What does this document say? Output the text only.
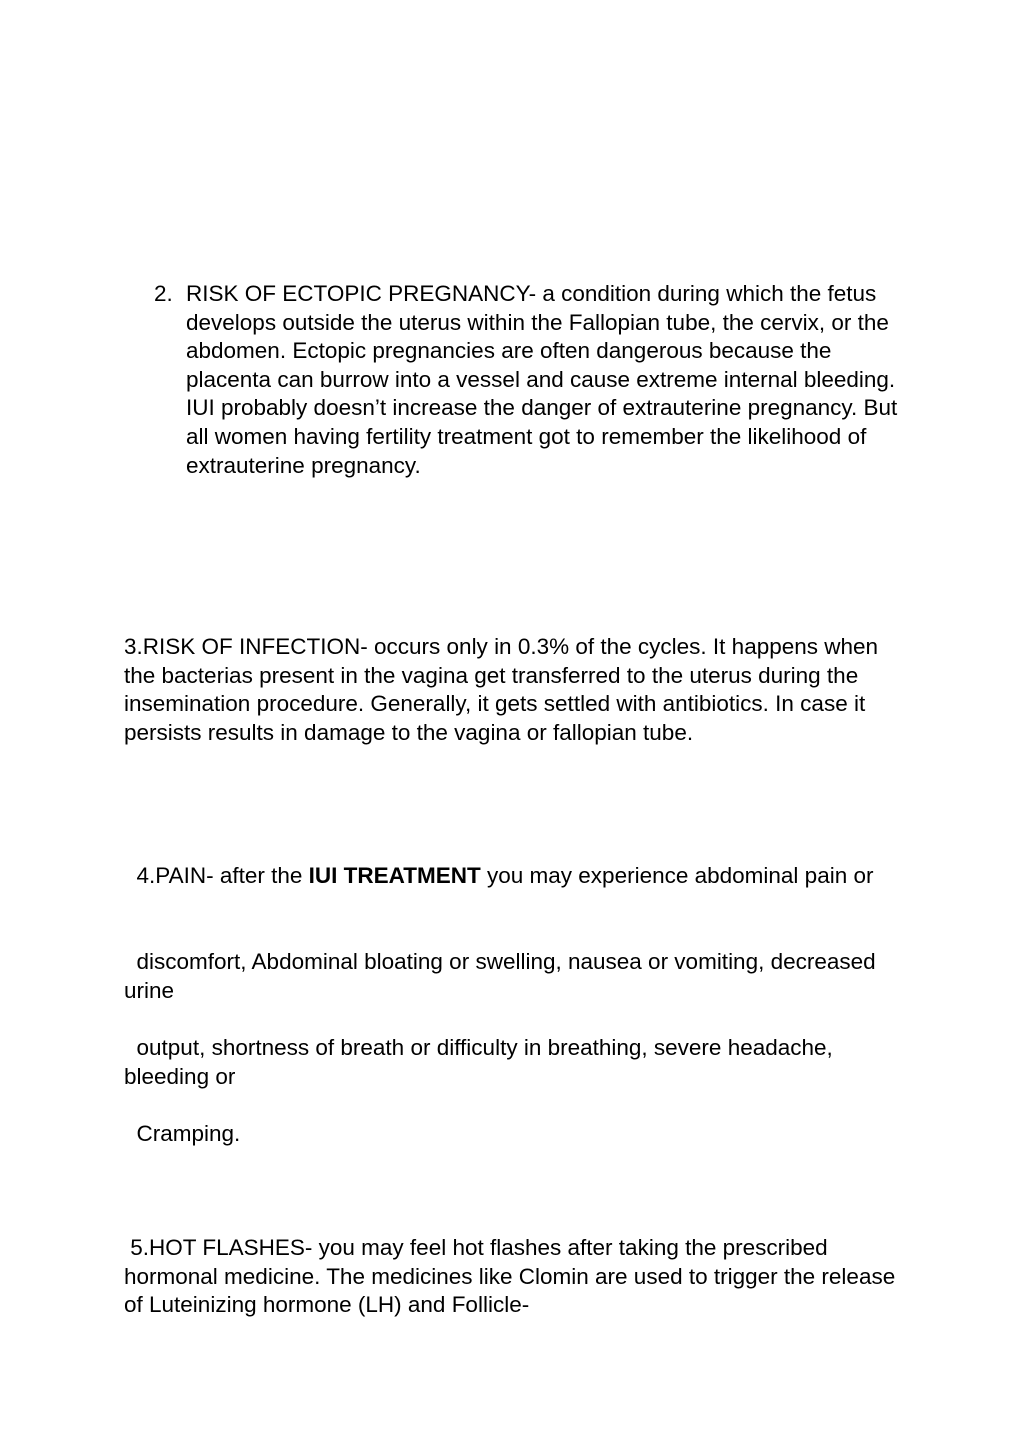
2. RISK OF ECTOPIC PREGNANCY- a condition during which the fetus develops outside the uterus within the Fallopian tube, the cervix, or the abdomen. Ectopic pregnancies are often dangerous because the placenta can burrow into a vessel and cause extreme internal bleeding. IUI probably doesn’t increase the danger of extrauterine pregnancy. But all women having fertility treatment got to remember the likelihood of extrauterine pregnancy.

3.RISK OF INFECTION- occurs only in 0.3% of the cycles. It happens when the bacterias present in the vagina get transferred to the uterus during the insemination procedure. Generally, it gets settled with antibiotics. In case it persists results in damage to the vagina or fallopian tube.

4.PAIN- after the IUI TREATMENT you may experience abdominal pain or

discomfort, Abdominal bloating or swelling, nausea or vomiting, decreased urine

output, shortness of breath or difficulty in breathing, severe headache, bleeding or

Cramping.

5.HOT FLASHES- you may feel hot flashes after taking the prescribed hormonal medicine. The medicines like Clomin are used to trigger the release of Luteinizing hormone (LH) and Follicle-
